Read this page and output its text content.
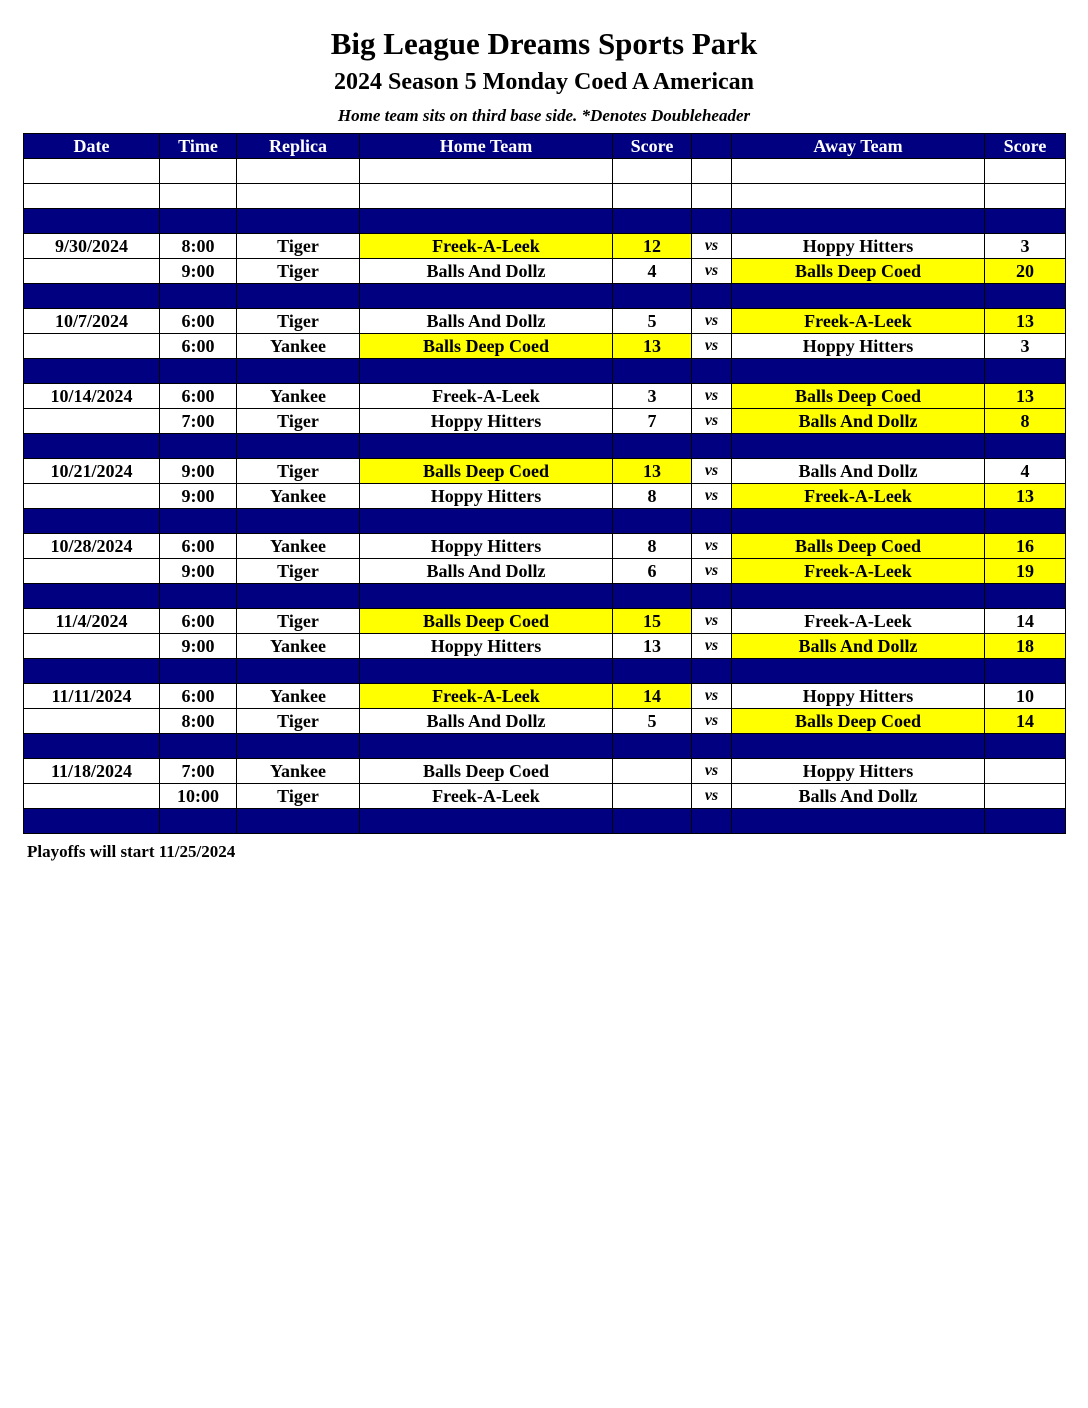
Big League Dreams Sports Park
2024 Season 5 Monday Coed A American
Home team sits on third base side. *Denotes Doubleheader
Date	Time	Replica	Home Team	Score		Away Team	Score

9/30/2024	8:00	Tiger	Freek-A-Leek	12	vs	Hoppy Hitters	3
	9:00	Tiger	Balls And Dollz	4	vs	Balls Deep Coed	20

10/7/2024	6:00	Tiger	Balls And Dollz	5	vs	Freek-A-Leek	13
	6:00	Yankee	Balls Deep Coed	13	vs	Hoppy Hitters	3

10/14/2024	6:00	Yankee	Freek-A-Leek	3	vs	Balls Deep Coed	13
	7:00	Tiger	Hoppy Hitters	7	vs	Balls And Dollz	8

10/21/2024	9:00	Tiger	Balls Deep Coed	13	vs	Balls And Dollz	4
	9:00	Yankee	Hoppy Hitters	8	vs	Freek-A-Leek	13

10/28/2024	6:00	Yankee	Hoppy Hitters	8	vs	Balls Deep Coed	16
	9:00	Tiger	Balls And Dollz	6	vs	Freek-A-Leek	19

11/4/2024	6:00	Tiger	Balls Deep Coed	15	vs	Freek-A-Leek	14
	9:00	Yankee	Hoppy Hitters	13	vs	Balls And Dollz	18

11/11/2024	6:00	Yankee	Freek-A-Leek	14	vs	Hoppy Hitters	10
	8:00	Tiger	Balls And Dollz	5	vs	Balls Deep Coed	14

11/18/2024	7:00	Yankee	Balls Deep Coed		vs	Hoppy Hitters	
	10:00	Tiger	Freek-A-Leek		vs	Balls And Dollz	

Playoffs will start 11/25/2024
